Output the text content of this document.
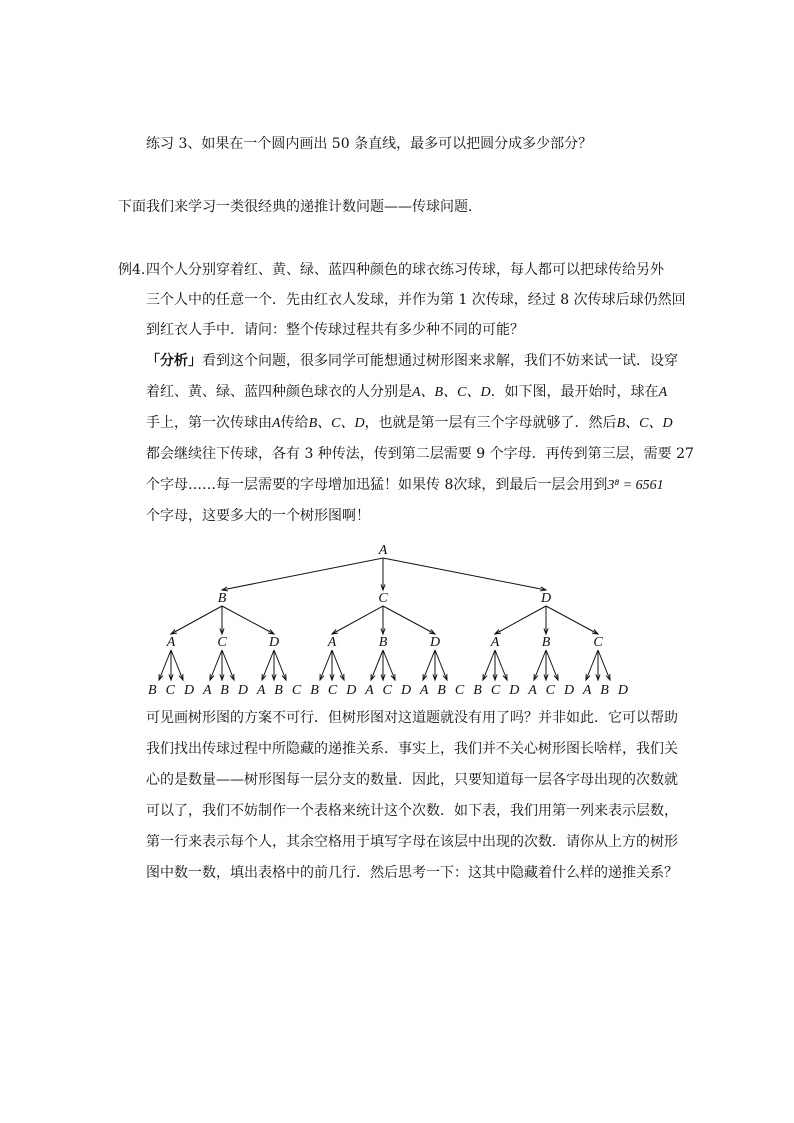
练习 3、如果在一个圆内画出 50 条直线，最多可以把圆分成多少部分？
下面我们来学习一类很经典的递推计数问题——传球问题．
例4. 四个人分别穿着红、黄、绿、蓝四种颜色的球衣练习传球，每人都可以把球传给另外
三个人中的任意一个．先由红衣人发球，并作为第 1 次传球，经过 8 次传球后球仍然回
到红衣人手中．请问：整个传球过程共有多少种不同的可能？
「分析」看到这个问题，很多同学可能想通过树形图来求解，我们不妨来试一试．设穿
着红、黄、绿、蓝四种颜色球衣的人分别是A、B、C、D．如下图，最开始时，球在A
手上，第一次传球由A传给B、C、D，也就是第一层有三个字母就够了．然后B、C、D
都会继续往下传球，各有 3 种传法，传到第二层需要 9 个字母．再传到第三层，需要 27
个字母……每一层需要的字母增加迅猛！如果传 8次球，到最后一层会用到3⁸ = 6561
个字母，这要多大的一个树形图啊！
A
B
A	C	D
C
A	B	D
D
A	B	C
B C D A B D A B C B C D A C D A B C B C D A C D A B D
可见画树形图的方案不可行．但树形图对这道题就没有用了吗？并非如此．它可以帮助
我们找出传球过程中所隐藏的递推关系．事实上，我们并不关心树形图长啥样，我们关
心的是数量——树形图每一层分支的数量．因此，只要知道每一层各字母出现的次数就
可以了，我们不妨制作一个表格来统计这个次数．如下表，我们用第一列来表示层数，
第一行来表示每个人，其余空格用于填写字母在该层中出现的次数．请你从上方的树形
图中数一数，填出表格中的前几行．然后思考一下：这其中隐藏着什么样的递推关系？
